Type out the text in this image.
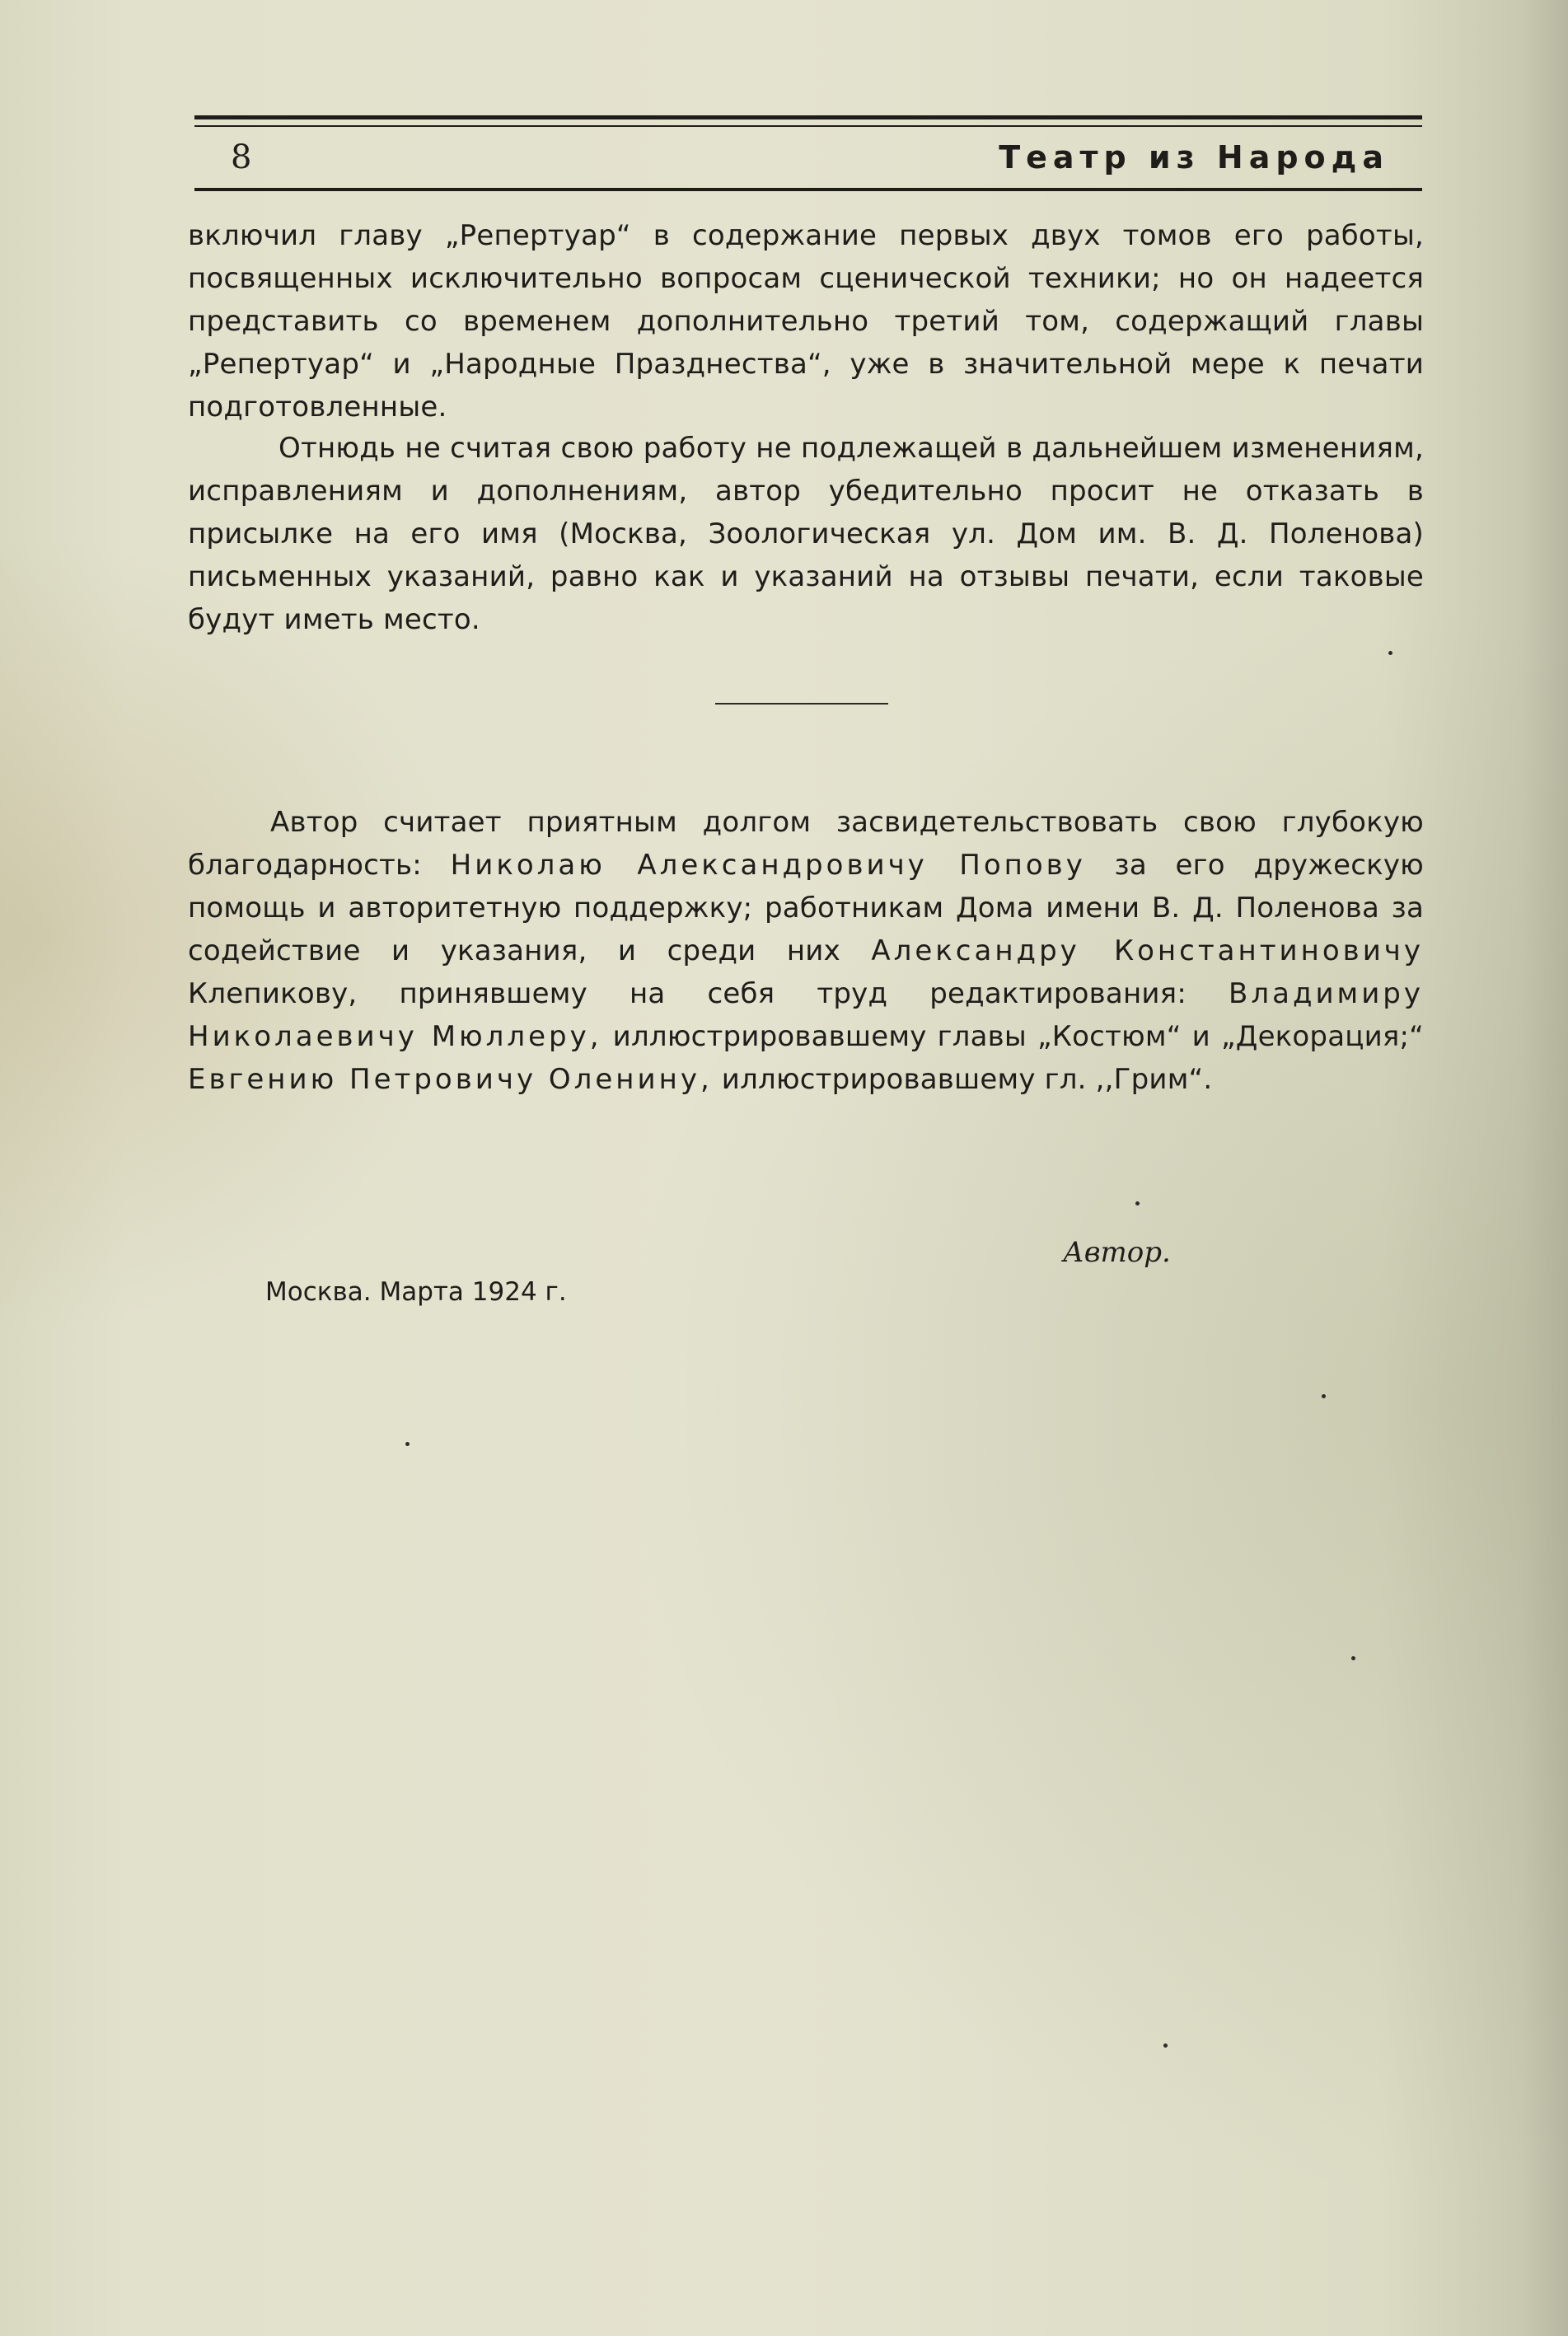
8	Театр из Народа

включил главу „Репертуар“ в содержание первых двух томов его работы, посвященных исключительно вопросам сценической техники; но он надеется представить со временем дополнительно третий том, содержащий главы „Репертуар“ и „Народные Празднества“, уже в значительной мере к печати подготовленные.

Отнюдь не считая свою работу не подлежащей в дальнейшем изменениям, исправлениям и дополнениям, автор убедительно просит не отказать в присылке на его имя (Москва, Зоологическая ул. Дом им. В. Д. Поленова) письменных указаний, равно как и указаний на отзывы печати, если таковые будут иметь место.

Автор считает приятным долгом засвидетельствовать свою глубокую благодарность: Николаю Александровичу Попову за его дружескую помощь и авторитетную поддержку; работникам Дома имени В. Д. Поленова за содействие и указания, и среди них Александру Константиновичу Клепикову, принявшему на себя труд редактирования: Владимиру Николаевичу Мюллеру, иллюстрировавшему главы „Костюм“ и „Декорация;“ Евгению Петровичу Оленину, иллюстрировавшему гл. ,,Грим“.

Автор.
Москва. Марта 1924 г.
